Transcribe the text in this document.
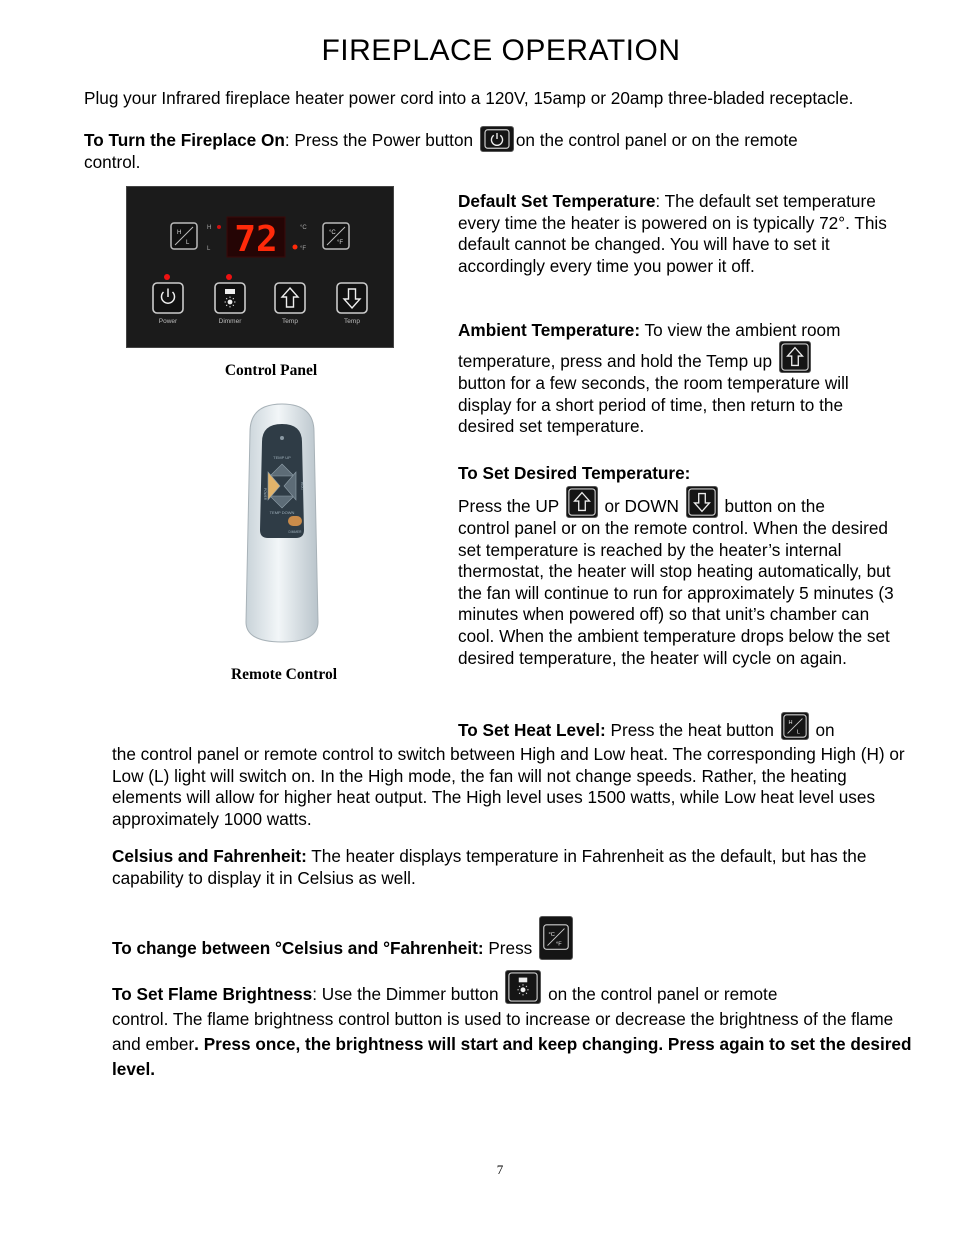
FIREPLACE OPERATION
Plug your Infrared fireplace heater power cord into a 120V, 15amp or 20amp three-bladed receptacle.
To Turn the Fireplace On: Press the Power button
on the control panel or on the remote
control.
H
L
H
L 72	°C
°F
°C
°F
Power	Dimmer	Temp	Temp
Control Panel
TEMP UP
TEMP DOWN
POWER
HEAT
DIMMER
Remote Control
Default Set Temperature: The default set temperature every time the heater is powered on is typically 72°. This default cannot be changed. You will have to set it accordingly every time you power it off.
Ambient Temperature: To view the ambient room
temperature, press and hold the Temp up

button for a few seconds, the room temperature will display for a short period of time, then return to the desired set temperature.
To Set Desired Temperature:
Press the UP
or DOWN
button on the
control panel or on the remote control. When the desired set temperature is reached by the heater’s internal thermostat, the heater will stop heating automatically, but the fan will continue to run for approximately 5 minutes (3 minutes when powered off) so that unit’s chamber can cool. When the ambient temperature drops below the set desired temperature, the heater will cycle on again.
To Set Heat Level: Press the heat button H
L on
the control panel or remote control to switch between High and Low heat. The corresponding High (H) or Low (L) light will switch on. In the High mode, the fan will not change speeds. Rather, the heating elements will allow for higher heat output. The High level uses 1500 watts, while Low heat level uses approximately 1000 watts.
Celsius and Fahrenheit: The heater displays temperature in Fahrenheit as the default, but has the capability to display it in Celsius as well.
To change between °Celsius and °Fahrenheit: Press
°C
°F
To Set Flame Brightness: Use the Dimmer button
on the control panel or remote
control. The flame brightness control button is used to increase or decrease the brightness of the flame and ember. Press once, the brightness will start and keep changing. Press again to set the desired level.
7
